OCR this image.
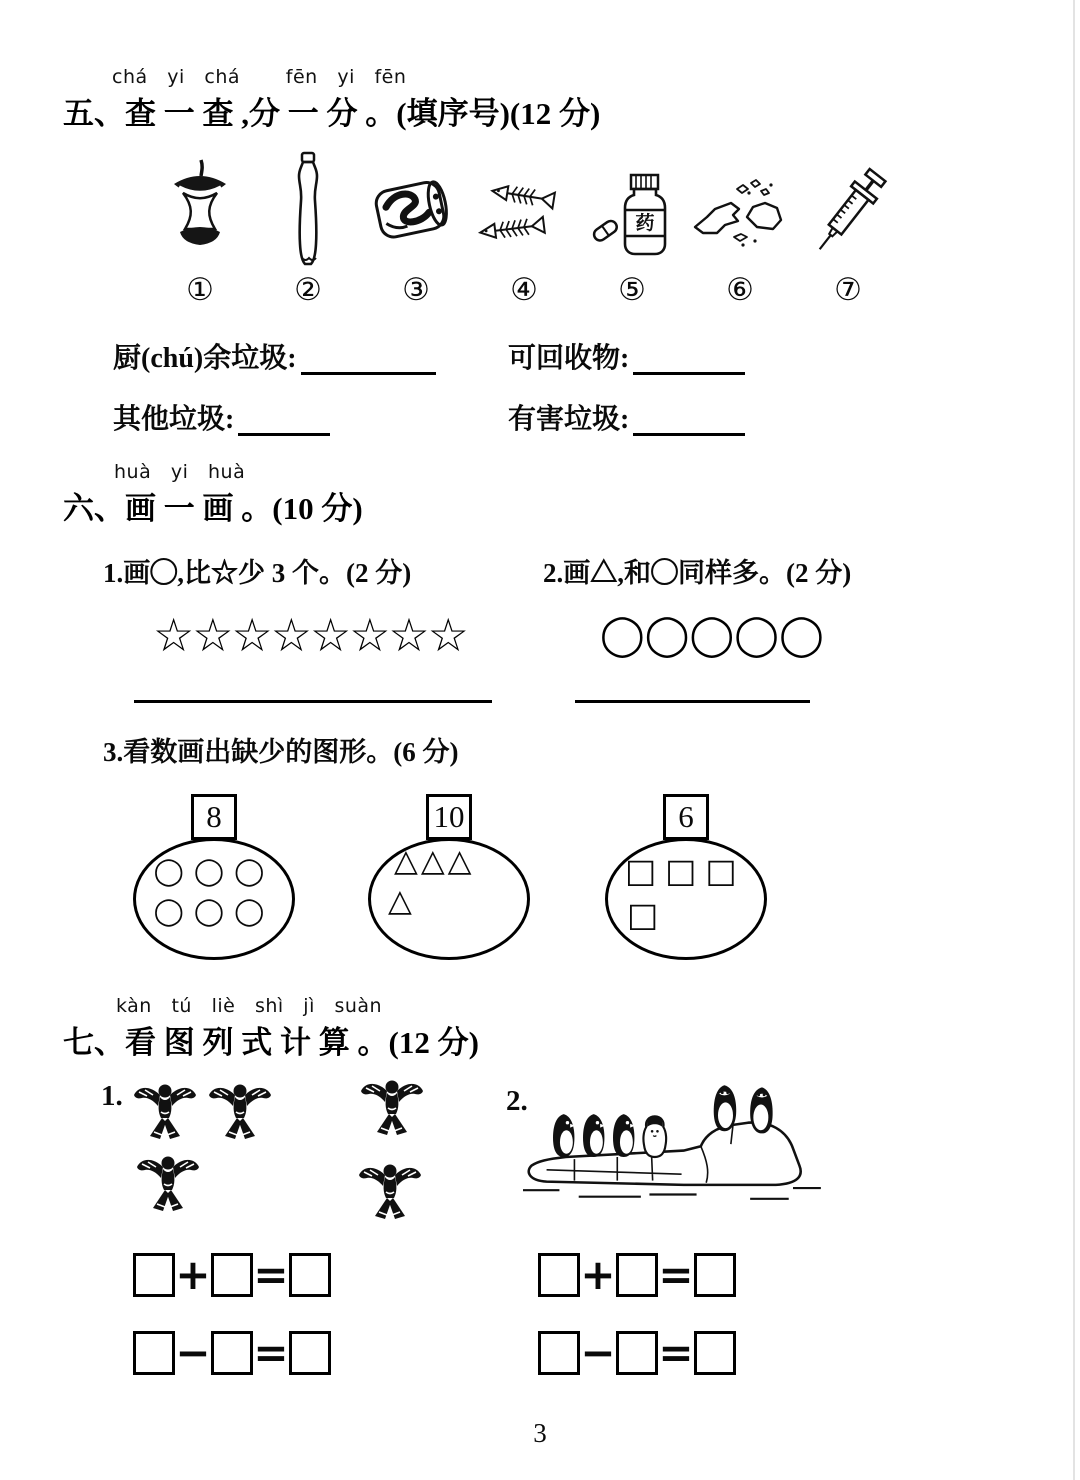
chá   yi   chá       fēn   yi   fēn
五、查 一 查 ,分 一 分 。(填序号)(12 分)
①	②	③	④
药
⑤	⑥	⑦
厨(chú)余垃圾:	可回收物:
其他垃圾:	有害垃圾:
huà   yi   huà
六、画 一 画 。(10 分)
1.画◯,比☆少 3 个。(2 分)	2.画△,和◯同样多。(2 分)
☆☆☆☆☆☆☆☆	◯◯◯◯◯
3.看数画出缺少的图形。(6 分)
8
◯◯◯
◯◯◯
10
△△△
△
6
□□□
□
kàn   tú   liè   shì   jì   suàn
七、看 图 列 式 计 算 。(12 分)
1.	2.
+ =
− =
+ =
− =
3
